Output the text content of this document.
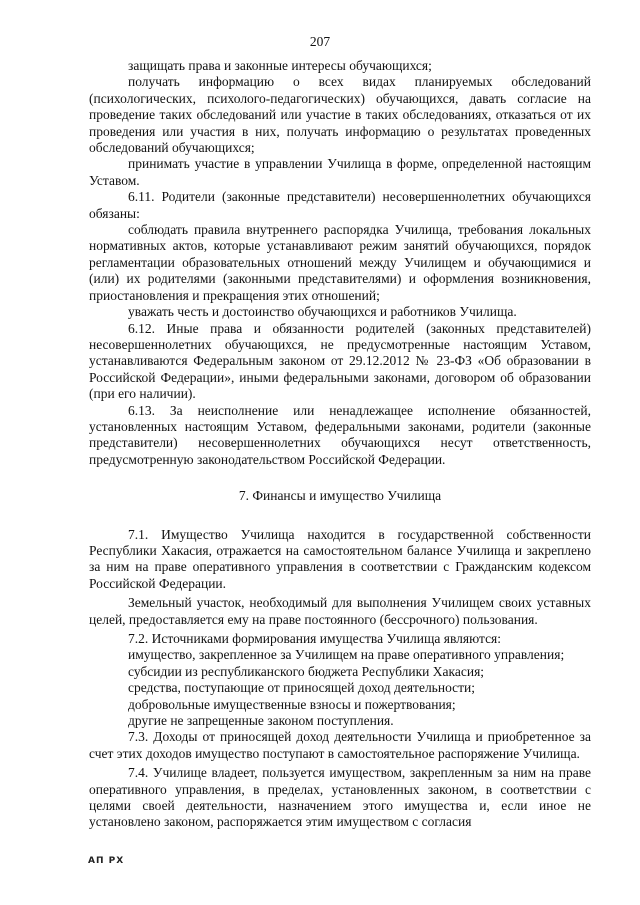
207
защищать права и законные интересы обучающихся;
получать информацию о всех видах планируемых обследований (психологических, психолого-педагогических) обучающихся, давать согласие на проведение таких обследований или участие в таких обследованиях, отказаться от их проведения или участия в них, получать информацию о результатах проведенных обследований обучающихся;
принимать участие в управлении Училища в форме, определенной настоящим Уставом.
6.11. Родители (законные представители) несовершеннолетних обучающихся обязаны:
соблюдать правила внутреннего распорядка Училища, требования локальных нормативных актов, которые устанавливают режим занятий обучающихся, порядок регламентации образовательных отношений между Училищем и обучающимися и (или) их родителями (законными представителями) и оформления возникновения, приостановления и прекращения этих отношений;
уважать честь и достоинство обучающихся и работников Училища.
6.12. Иные права и обязанности родителей (законных представителей) несовершеннолетних обучающихся, не предусмотренные настоящим Уставом, устанавливаются Федеральным законом от 29.12.2012 № 23-ФЗ «Об образовании в Российской Федерации», иными федеральными законами, договором об образовании (при его наличии).
6.13. За неисполнение или ненадлежащее исполнение обязанностей, установленных настоящим Уставом, федеральными законами, родители (законные представители) несовершеннолетних обучающихся несут ответственность, предусмотренную законодательством Российской Федерации.
7. Финансы и имущество Училища
7.1. Имущество Училища находится в государственной собственности Республики Хакасия, отражается на самостоятельном балансе Училища и закреплено за ним на праве оперативного управления в соответствии с Гражданским кодексом Российской Федерации.
Земельный участок, необходимый для выполнения Училищем своих уставных целей, предоставляется ему на праве постоянного (бессрочного) пользования.
7.2. Источниками формирования имущества Училища являются:
имущество, закрепленное за Училищем на праве оперативного управления;
субсидии из республиканского бюджета Республики Хакасия;
средства, поступающие от приносящей доход деятельности;
добровольные имущественные взносы и пожертвования;
другие не запрещенные законом поступления.
7.3. Доходы от приносящей доход деятельности Училища и приобретенное за счет этих доходов имущество поступают в самостоятельное распоряжение Училища.
7.4. Училище владеет, пользуется имуществом, закрепленным за ним на праве оперативного управления, в пределах, установленных законом, в соответствии с целями своей деятельности, назначением этого имущества и, если иное не установлено законом, распоряжается этим имуществом с согласия
АП РХ
